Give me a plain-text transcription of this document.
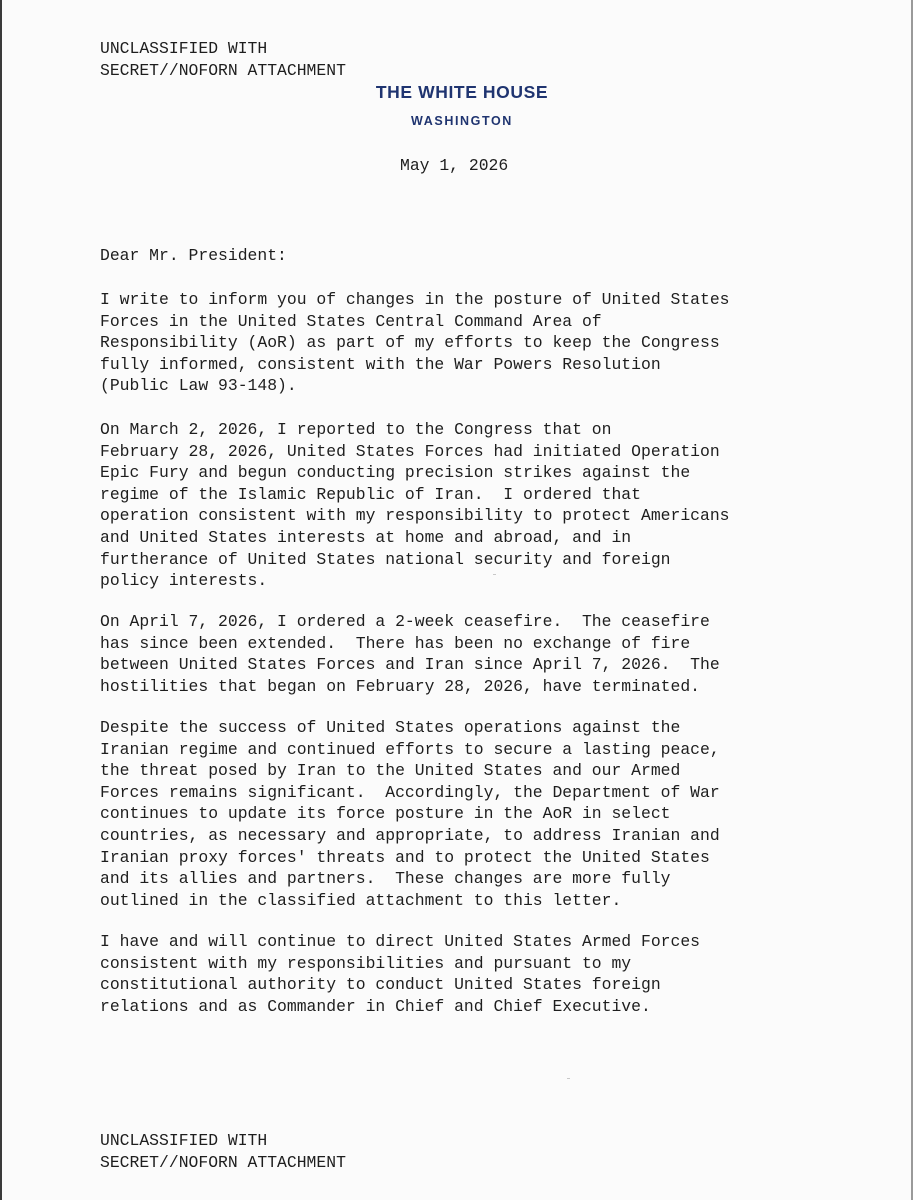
UNCLASSIFIED WITH
SECRET//NOFORN ATTACHMENT
THE WHITE HOUSE
WASHINGTON
May 1, 2026
Dear Mr. President:
I write to inform you of changes in the posture of United States
Forces in the United States Central Command Area of
Responsibility (AoR) as part of my efforts to keep the Congress
fully informed, consistent with the War Powers Resolution
(Public Law 93-148).
On March 2, 2026, I reported to the Congress that on
February 28, 2026, United States Forces had initiated Operation
Epic Fury and begun conducting precision strikes against the
regime of the Islamic Republic of Iran.  I ordered that
operation consistent with my responsibility to protect Americans
and United States interests at home and abroad, and in
furtherance of United States national security and foreign
policy interests.
On April 7, 2026, I ordered a 2-week ceasefire.  The ceasefire
has since been extended.  There has been no exchange of fire
between United States Forces and Iran since April 7, 2026.  The
hostilities that began on February 28, 2026, have terminated.
Despite the success of United States operations against the
Iranian regime and continued efforts to secure a lasting peace,
the threat posed by Iran to the United States and our Armed
Forces remains significant.  Accordingly, the Department of War
continues to update its force posture in the AoR in select
countries, as necessary and appropriate, to address Iranian and
Iranian proxy forces' threats and to protect the United States
and its allies and partners.  These changes are more fully
outlined in the classified attachment to this letter.
I have and will continue to direct United States Armed Forces
consistent with my responsibilities and pursuant to my
constitutional authority to conduct United States foreign
relations and as Commander in Chief and Chief Executive.
UNCLASSIFIED WITH
SECRET//NOFORN ATTACHMENT
